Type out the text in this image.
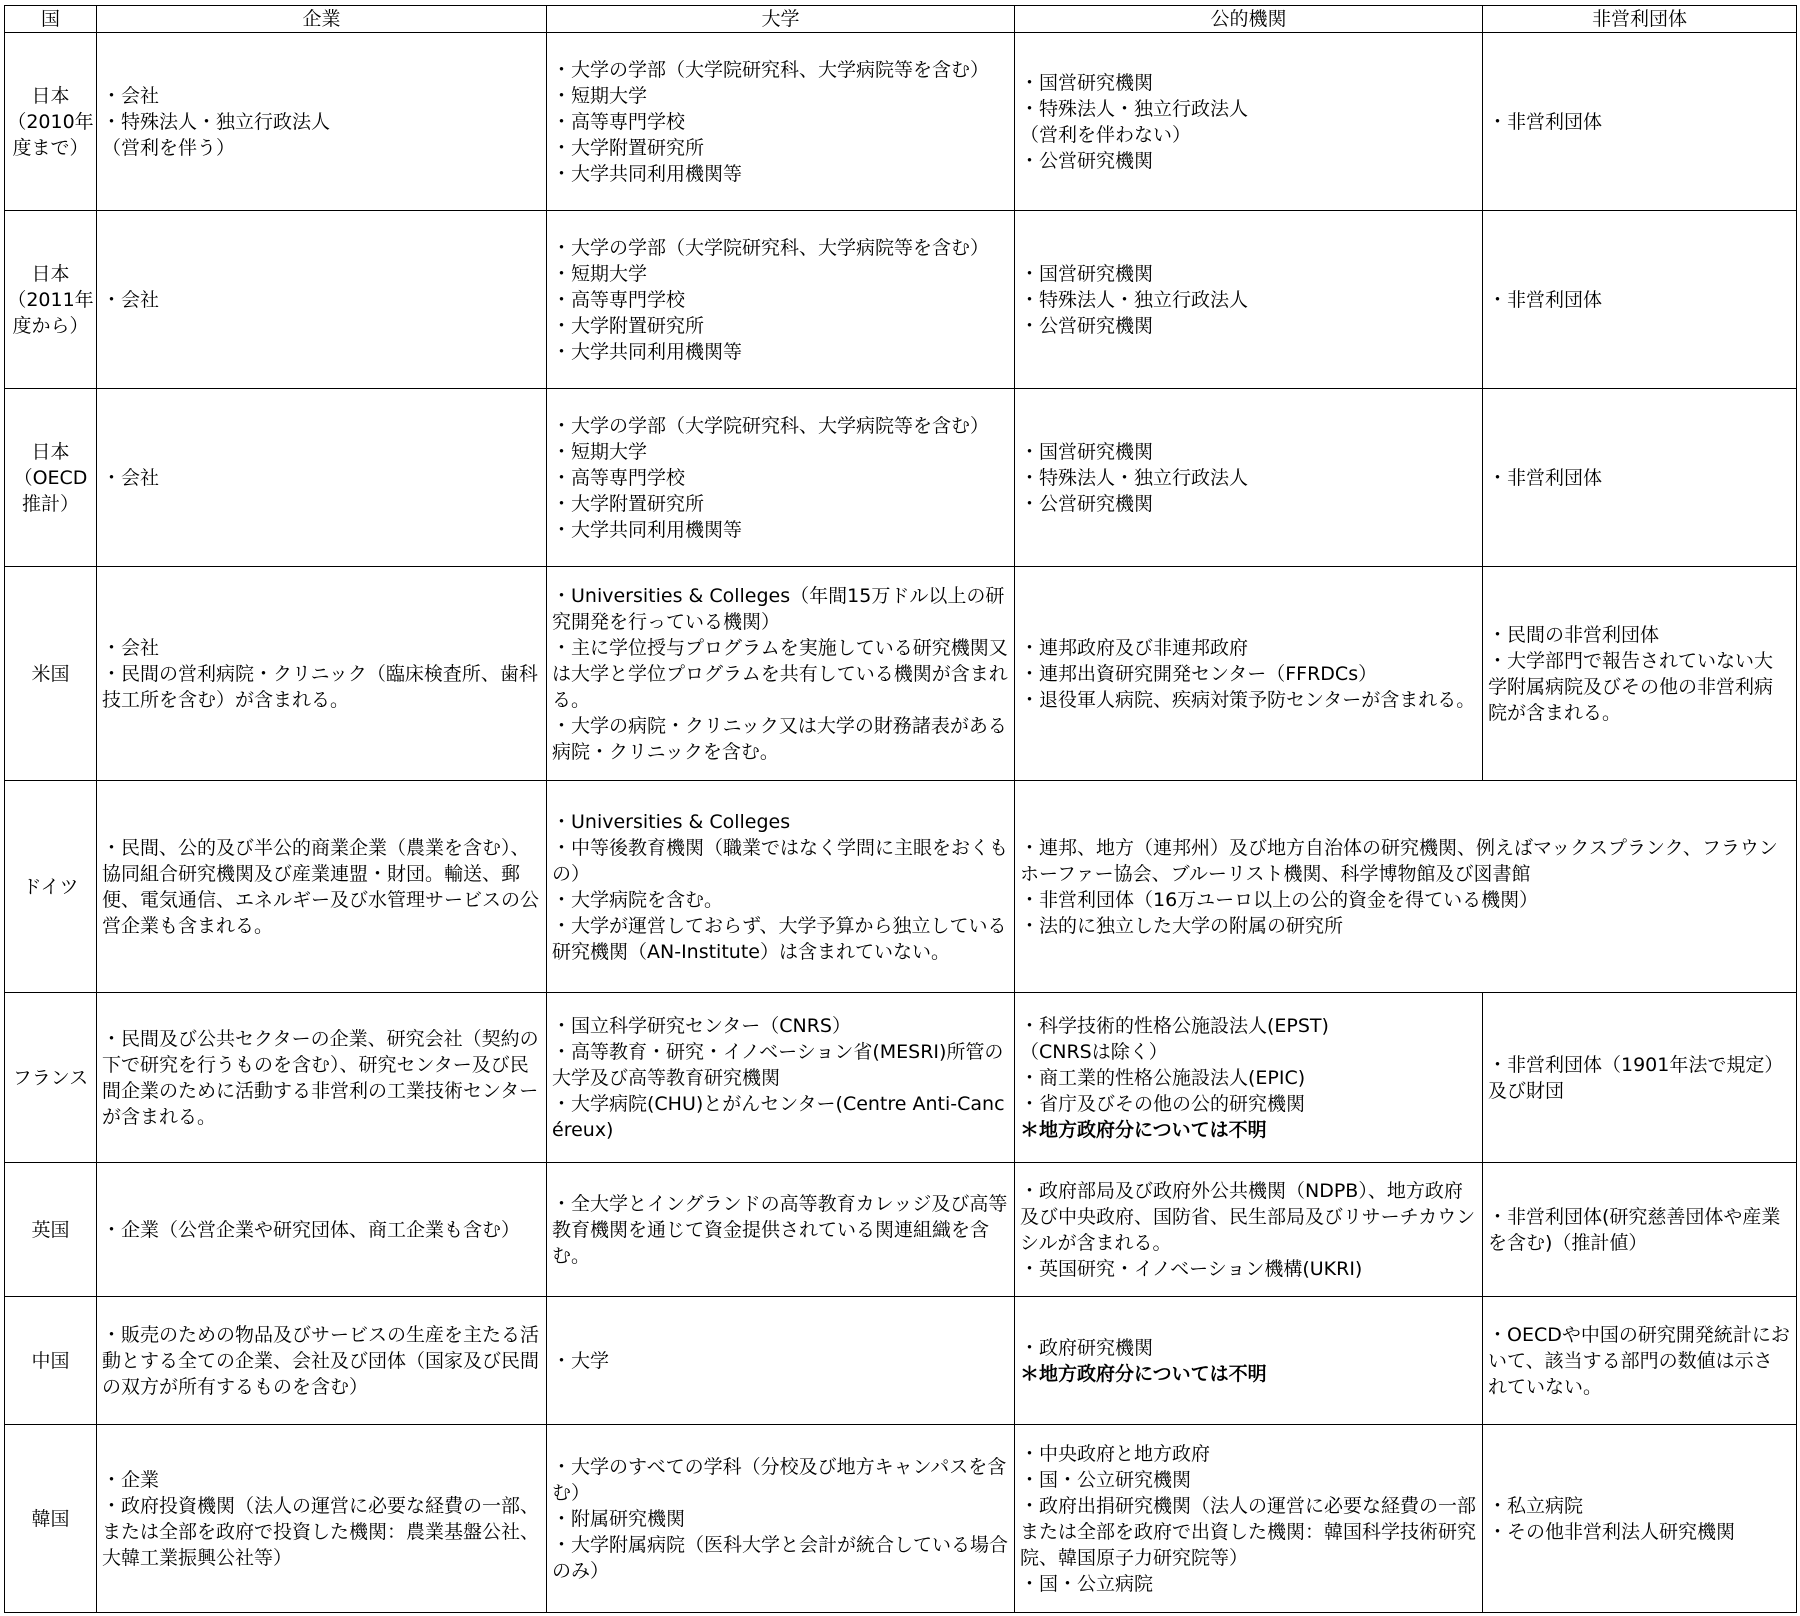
国	企業	大学	公的機関	非営利団体

日本
（2010年
度まで）	・会社
・特殊法人・独立行政法人
（営利を伴う）	・大学の学部（大学院研究科、大学病院等を含む）
・短期大学
・高等専門学校
・大学附置研究所
・大学共同利用機関等	・国営研究機関
・特殊法人・独立行政法人
（営利を伴わない）
・公営研究機関	・非営利団体

日本
（2011年
度から）	・会社	・大学の学部（大学院研究科、大学病院等を含む）
・短期大学
・高等専門学校
・大学附置研究所
・大学共同利用機関等	・国営研究機関
・特殊法人・独立行政法人
・公営研究機関	・非営利団体

日本
（OECD
推計）	・会社	・大学の学部（大学院研究科、大学病院等を含む）
・短期大学
・高等専門学校
・大学附置研究所
・大学共同利用機関等	・国営研究機関
・特殊法人・独立行政法人
・公営研究機関	・非営利団体

米国	・会社
・民間の営利病院・クリニック（臨床検査所、歯科技工所を含む）が含まれる。	・Universities & Colleges（年間15万ドル以上の研究開発を行っている機関）
・主に学位授与プログラムを実施している研究機関又は大学と学位プログラムを共有している機関が含まれる。
・大学の病院・クリニック又は大学の財務諸表がある病院・クリニックを含む。	・連邦政府及び非連邦政府
・連邦出資研究開発センター（FFRDCs）
・退役軍人病院、疾病対策予防センターが含まれる。	・民間の非営利団体
・大学部門で報告されていない大学附属病院及びその他の非営利病院が含まれる。

ドイツ	・民間、公的及び半公的商業企業（農業を含む）、協同組合研究機関及び産業連盟・財団。輸送、郵便、電気通信、エネルギー及び水管理サービスの公営企業も含まれる。	・Universities & Colleges
・中等後教育機関（職業ではなく学問に主眼をおくもの）
・大学病院を含む。
・大学が運営しておらず、大学予算から独立している研究機関（AN-Institute）は含まれていない。	・連邦、地方（連邦州）及び地方自治体の研究機関、例えばマックスプランク、フラウンホーファー協会、ブルーリスト機関、科学博物館及び図書館
・非営利団体（16万ユーロ以上の公的資金を得ている機関）
・法的に独立した大学の附属の研究所	

フランス	・民間及び公共セクターの企業、研究会社（契約の下で研究を行うものを含む）、研究センター及び民間企業のために活動する非営利の工業技術センターが含まれる。	・国立科学研究センター（CNRS）
・高等教育・研究・イノベーション省(MESRI)所管の大学及び高等教育研究機関
・大学病院(CHU)とがんセンター(Centre Anti-Cancéreux)	・科学技術的性格公施設法人(EPST)
（CNRSは除く）
・商工業的性格公施設法人(EPIC)
・省庁及びその他の公的研究機関
＊地方政府分については不明	・非営利団体（1901年法で規定）及び財団

英国	・企業（公営企業や研究団体、商工企業も含む）	・全大学とイングランドの高等教育カレッジ及び高等教育機関を通じて資金提供されている関連組織を含む。	・政府部局及び政府外公共機関（NDPB）、地方政府及び中央政府、国防省、民生部局及びリサーチカウンシルが含まれる。
・英国研究・イノベーション機構(UKRI)	・非営利団体(研究慈善団体や産業を含む)（推計値）

中国	・販売のための物品及びサービスの生産を主たる活動とする全ての企業、会社及び団体（国家及び民間の双方が所有するものを含む）	・大学	・政府研究機関
＊地方政府分については不明	・OECDや中国の研究開発統計において、該当する部門の数値は示されていない。

韓国	・企業
・政府投資機関（法人の運営に必要な経費の一部、または全部を政府で投資した機関：農業基盤公社、大韓工業振興公社等）	・大学のすべての学科（分校及び地方キャンパスを含む）
・附属研究機関
・大学附属病院（医科大学と会計が統合している場合のみ）	・中央政府と地方政府
・国・公立研究機関
・政府出捐研究機関（法人の運営に必要な経費の一部または全部を政府で出資した機関：韓国科学技術研究院、韓国原子力研究院等）
・国・公立病院	・私立病院
・その他非営利法人研究機関
